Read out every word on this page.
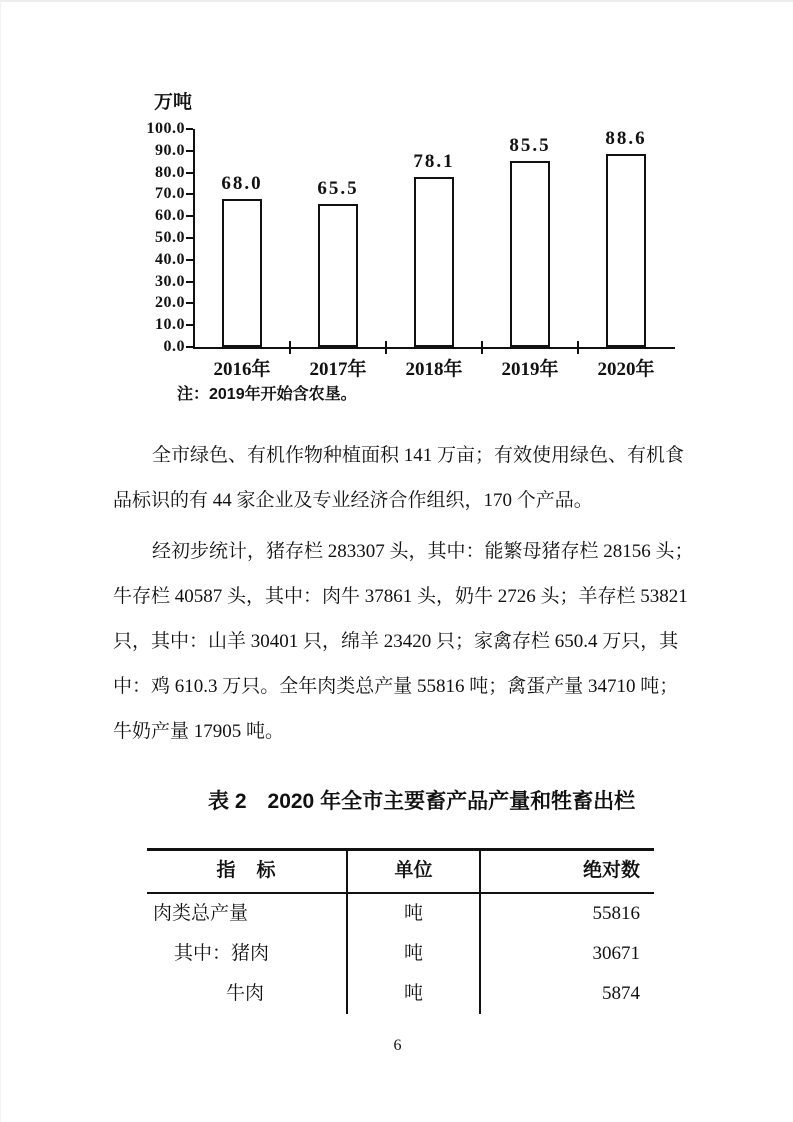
万吨
100.0
90.0
80.0
70.0
60.0
50.0
40.0
30.0
20.0
10.0
0.0
68.0	65.5
78.1
85.5	88.6
2016年	2017年	2018年	2019年	2020年
注：2019年开始含农垦。
全市绿色、有机作物种植面积 141 万亩；有效使用绿色、有机食
品标识的有 44 家企业及专业经济合作组织，170 个产品。
经初步统计，猪存栏 283307 头，其中：能繁母猪存栏 28156 头；
牛存栏 40587 头，其中：肉牛 37861 头，奶牛 2726 头；羊存栏 53821
只，其中：山羊 30401 只，绵羊 23420 只；家禽存栏 650.4 万只，其
中：鸡 610.3 万只。全年肉类总产量 55816 吨；禽蛋产量 34710 吨；
牛奶产量 17905 吨。
表 2　2020 年全市主要畜产品产量和牲畜出栏
指　标	单位	绝对数
肉类总产量	吨	55816
其中：猪肉	吨	30671
牛肉	吨	5874
6
